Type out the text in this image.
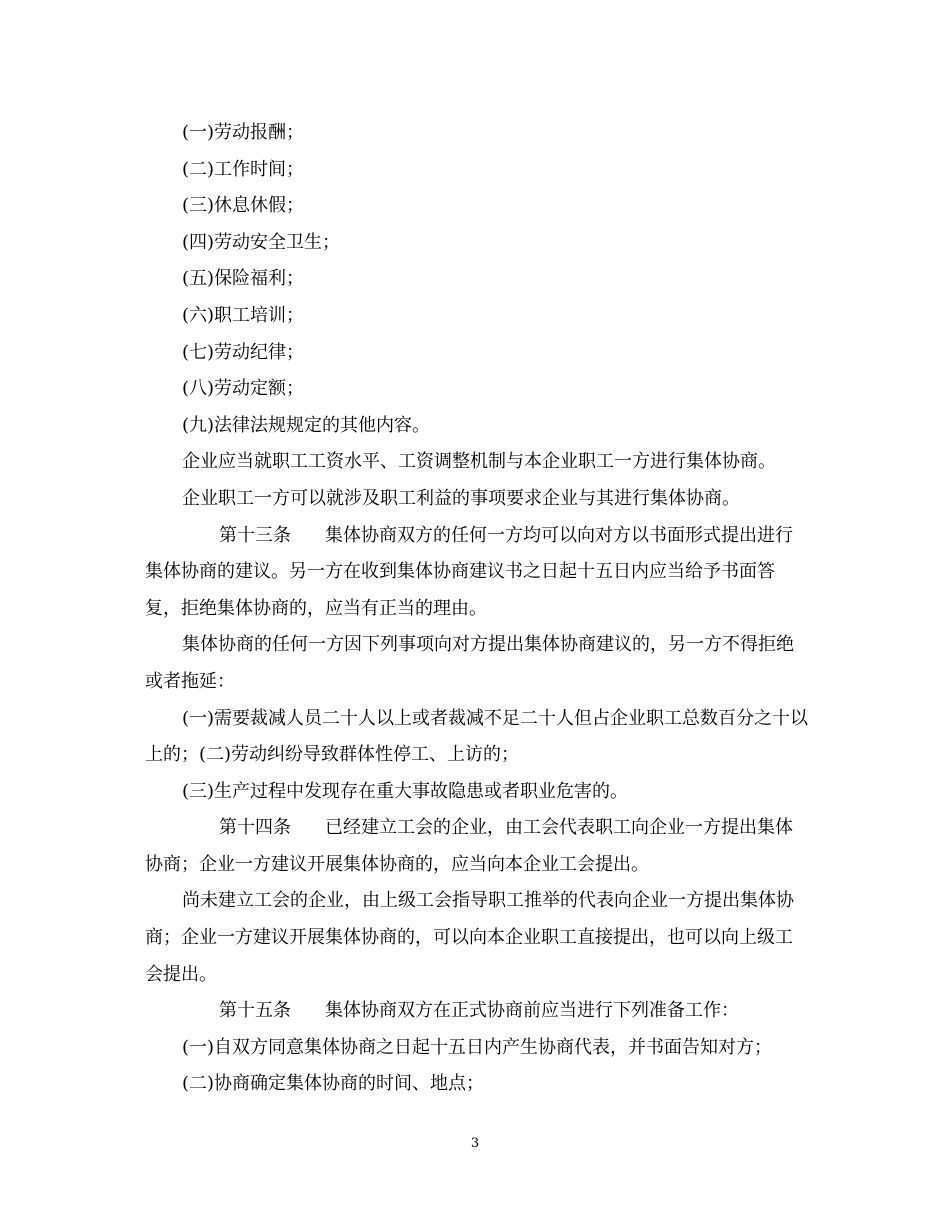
(一)劳动报酬；

(二)工作时间；

(三)休息休假；

(四)劳动安全卫生；

(五)保险福利；

(六)职工培训；

(七)劳动纪律；

(八)劳动定额；

(九)法律法规规定的其他内容。

企业应当就职工工资水平、工资调整机制与本企业职工一方进行集体协商。

企业职工一方可以就涉及职工利益的事项要求企业与其进行集体协商。

第十三条 集体协商双方的任何一方均可以向对方以书面形式提出进行集体协商的建议。另一方在收到集体协商建议书之日起十五日内应当给予书面答复，拒绝集体协商的，应当有正当的理由。

集体协商的任何一方因下列事项向对方提出集体协商建议的，另一方不得拒绝或者拖延：

(一)需要裁减人员二十人以上或者裁减不足二十人但占企业职工总数百分之十以上的；(二)劳动纠纷导致群体性停工、上访的；

(三)生产过程中发现存在重大事故隐患或者职业危害的。

第十四条 已经建立工会的企业，由工会代表职工向企业一方提出集体协商；企业一方建议开展集体协商的，应当向本企业工会提出。

尚未建立工会的企业，由上级工会指导职工推举的代表向企业一方提出集体协商；企业一方建议开展集体协商的，可以向本企业职工直接提出，也可以向上级工会提出。

第十五条 集体协商双方在正式协商前应当进行下列准备工作：

(一)自双方同意集体协商之日起十五日内产生协商代表，并书面告知对方；

(二)协商确定集体协商的时间、地点；

3
